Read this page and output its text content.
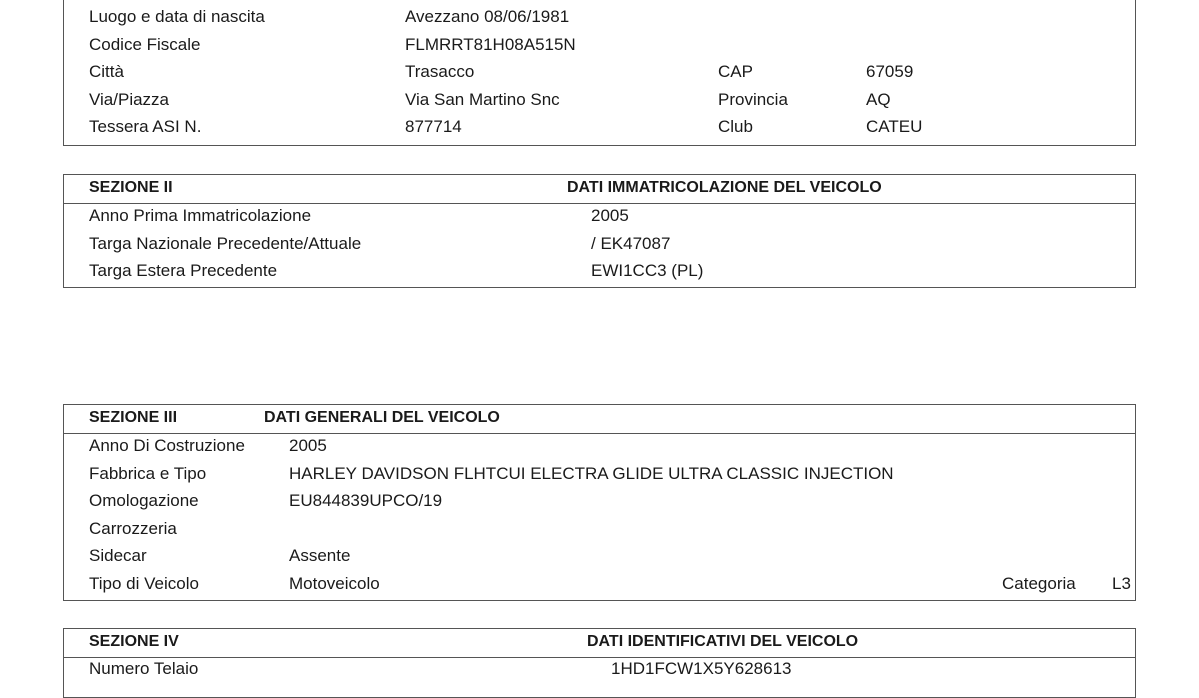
Luogo e data di nascita	Avezzano 08/06/1981
Codice Fiscale	FLMRRT81H08A515N
Città	Trasacco	CAP	67059
Via/Piazza	Via San Martino Snc	Provincia	AQ
Tessera ASI N.	877714	Club	CATEU
SEZIONE II	DATI IMMATRICOLAZIONE DEL VEICOLO
Anno Prima Immatricolazione	2005
Targa Nazionale Precedente/Attuale	/ EK47087
Targa Estera Precedente	EWI1CC3 (PL)
SEZIONE III	DATI GENERALI DEL VEICOLO
Anno Di Costruzione	2005
Fabbrica e Tipo	HARLEY DAVIDSON FLHTCUI ELECTRA GLIDE ULTRA CLASSIC INJECTION
Omologazione	EU844839UPCO/19
Carrozzeria
Sidecar	Assente
Tipo di Veicolo	Motoveicolo	Categoria L3
SEZIONE IV	DATI IDENTIFICATIVI DEL VEICOLO
Numero Telaio	1HD1FCW1X5Y628613
